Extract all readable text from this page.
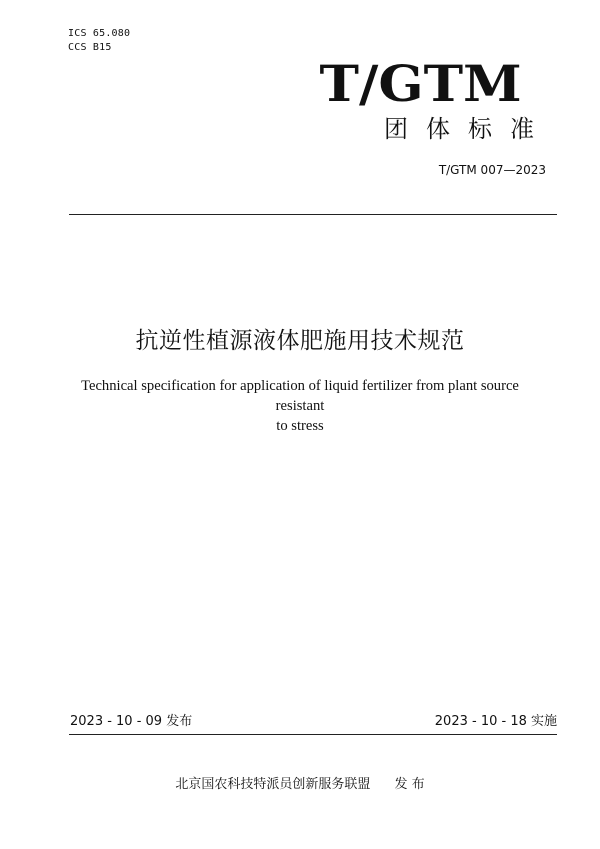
ICS 65.080
CCS B15
T/GTM
团体标准
T/GTM 007—2023
抗逆性植源液体肥施用技术规范
Technical specification for application of liquid fertilizer from plant source resistant
to stress
2023 - 10 - 09 发布	2023 - 10 - 18 实施
北京国农科技特派员创新服务联盟 发 布
